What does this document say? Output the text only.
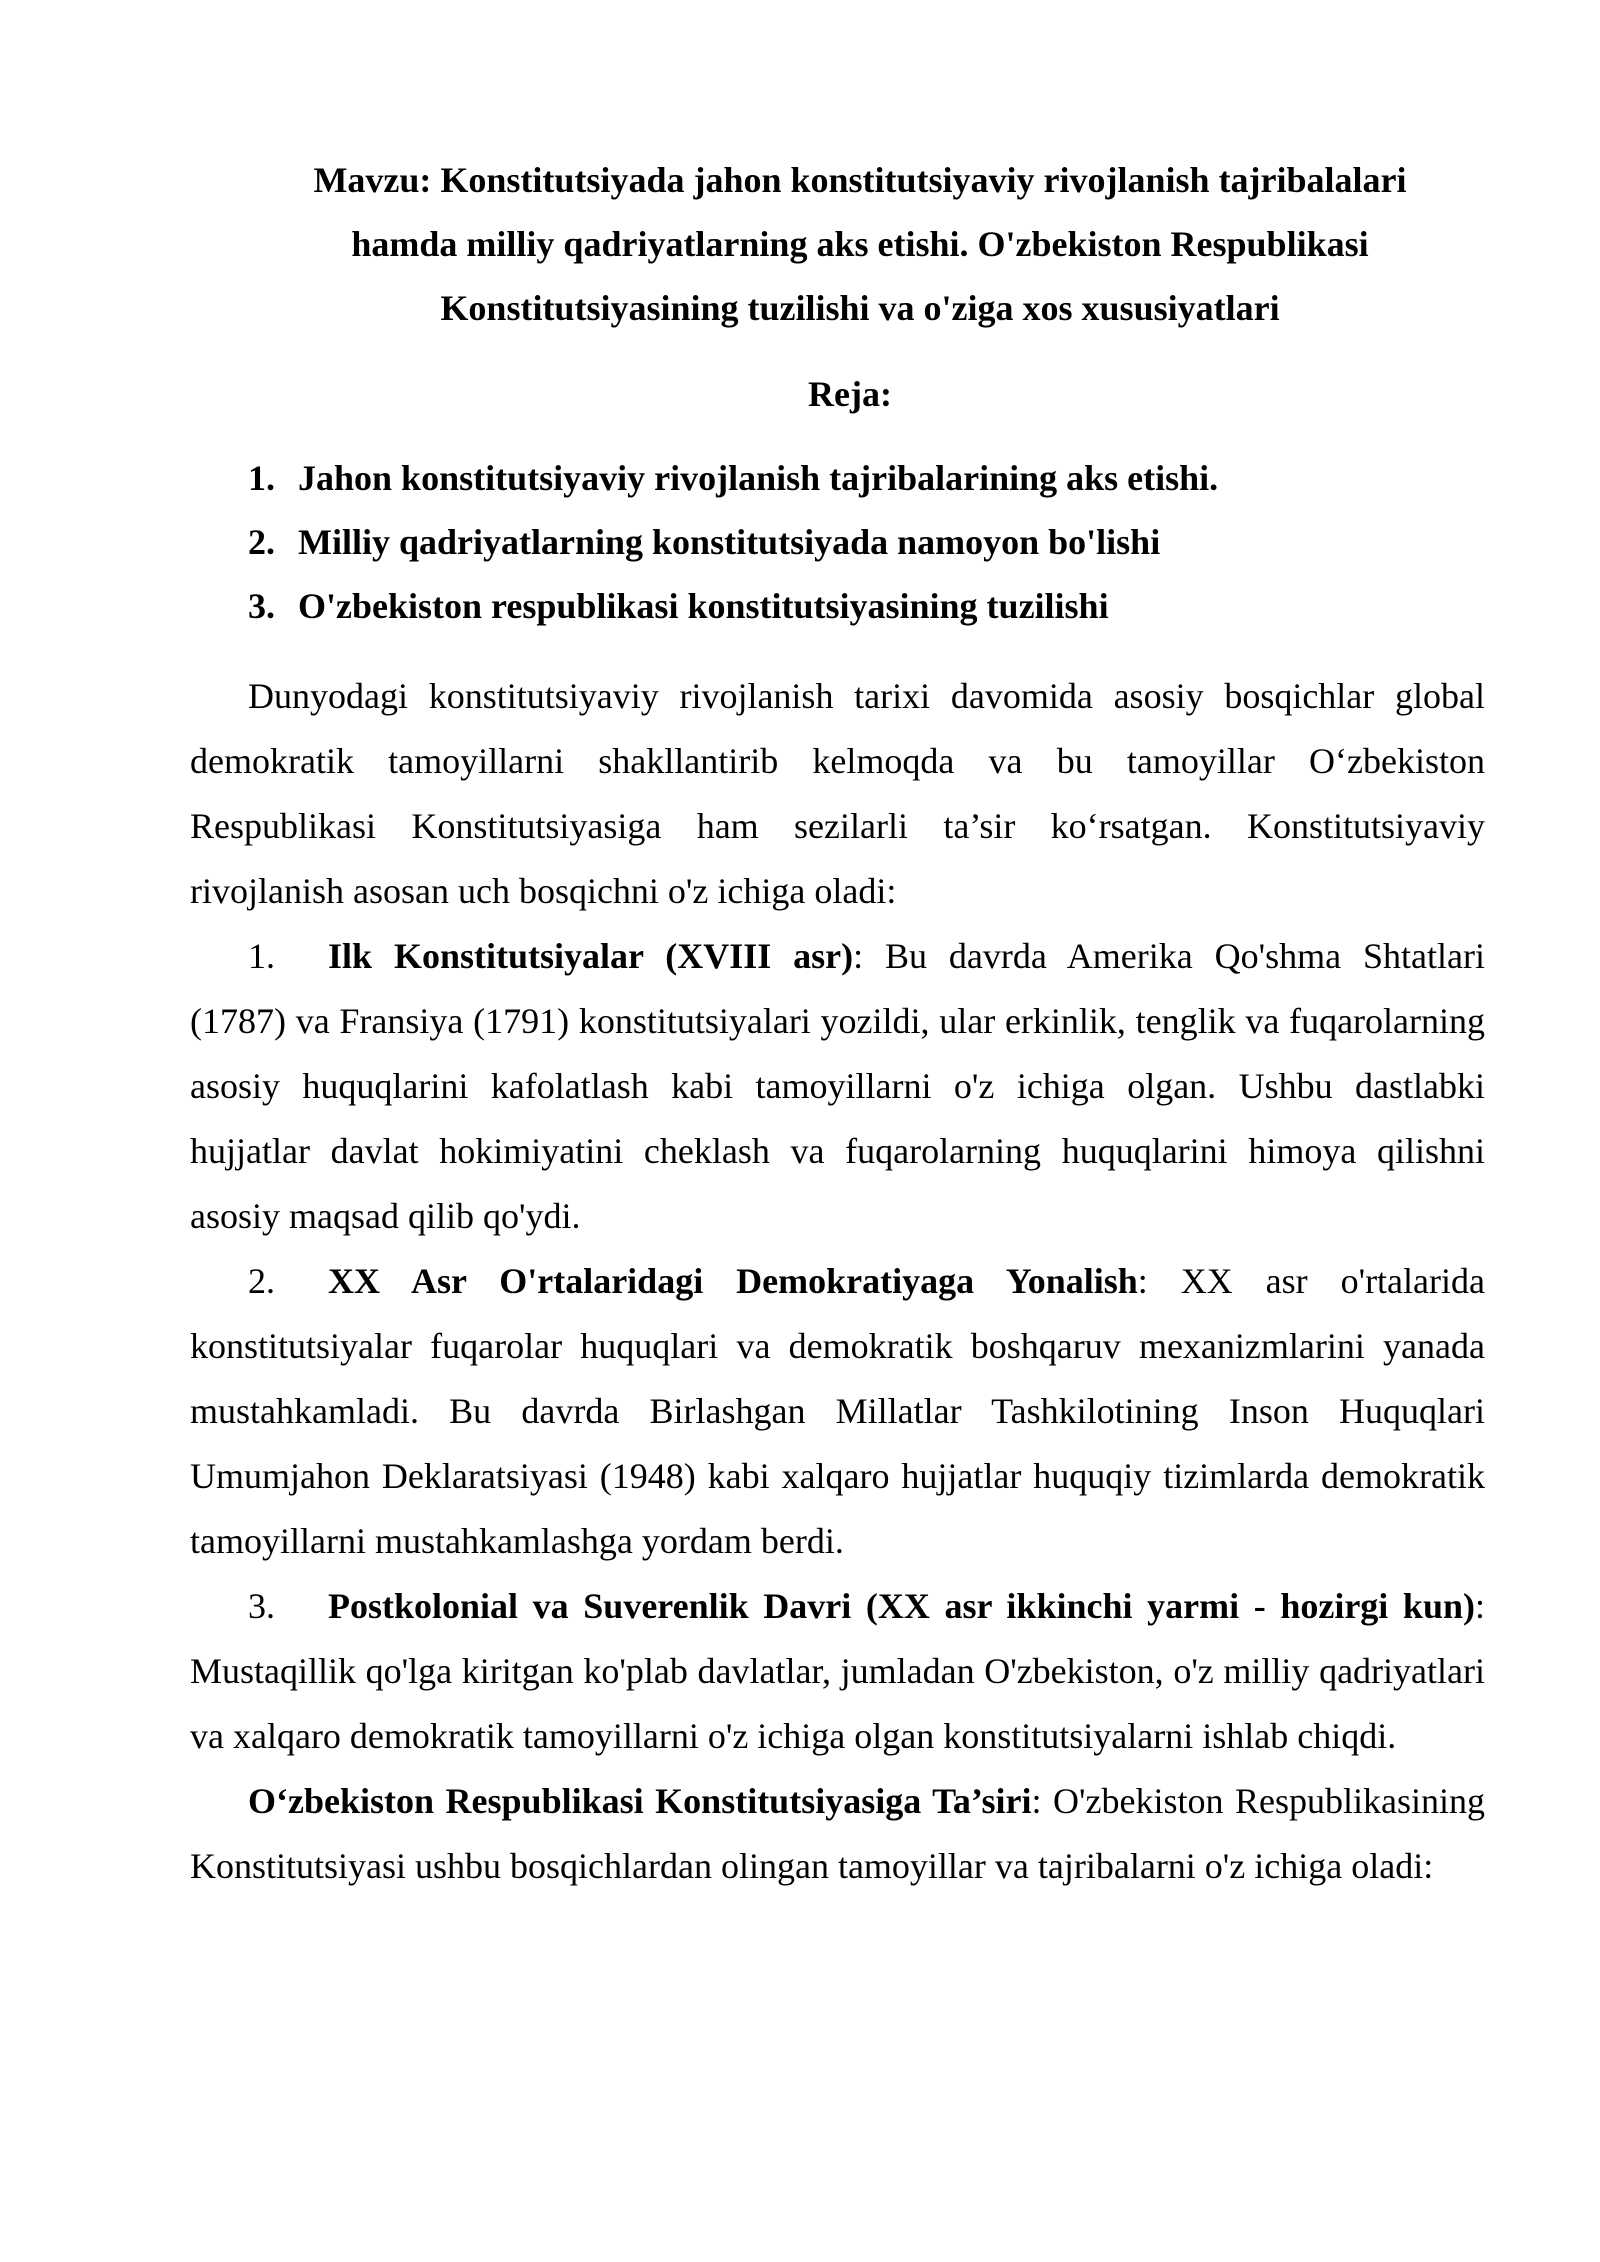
Mavzu: Konstitutsiyada jahon konstitutsiyaviy rivojlanish tajribalalari
hamda milliy qadriyatlarning aks etishi. O'zbekiston Respublikasi
Konstitutsiyasining tuzilishi va o'ziga xos xususiyatlari
Reja:
1. Jahon konstitutsiyaviy rivojlanish tajribalarining aks etishi.
2. Milliy qadriyatlarning konstitutsiyada namoyon bo'lishi
3. O'zbekiston respublikasi konstitutsiyasining tuzilishi

Dunyodagi konstitutsiyaviy rivojlanish tarixi davomida asosiy bosqichlar global demokratik tamoyillarni shakllantirib kelmoqda va bu tamoyillar O‘zbekiston Respublikasi Konstitutsiyasiga ham sezilarli ta’sir ko‘rsatgan. Konstitutsiyaviy rivojlanish asosan uch bosqichni o'z ichiga oladi:

1. Ilk Konstitutsiyalar (XVIII asr): Bu davrda Amerika Qo'shma Shtatlari (1787) va Fransiya (1791) konstitutsiyalari yozildi, ular erkinlik, tenglik va fuqarolarning asosiy huquqlarini kafolatlash kabi tamoyillarni o'z ichiga olgan. Ushbu dastlabki hujjatlar davlat hokimiyatini cheklash va fuqarolarning huquqlarini himoya qilishni asosiy maqsad qilib qo'ydi.

2. XX Asr O'rtalaridagi Demokratiyaga Yonalish: XX asr o'rtalarida konstitutsiyalar fuqarolar huquqlari va demokratik boshqaruv mexanizmlarini yanada mustahkamladi. Bu davrda Birlashgan Millatlar Tashkilotining Inson Huquqlari Umumjahon Deklaratsiyasi (1948) kabi xalqaro hujjatlar huquqiy tizimlarda demokratik tamoyillarni mustahkamlashga yordam berdi.

3. Postkolonial va Suverenlik Davri (XX asr ikkinchi yarmi - hozirgi kun): Mustaqillik qo'lga kiritgan ko'plab davlatlar, jumladan O'zbekiston, o'z milliy qadriyatlari va xalqaro demokratik tamoyillarni o'z ichiga olgan konstitutsiyalarni ishlab chiqdi.

O‘zbekiston Respublikasi Konstitutsiyasiga Ta’siri: O'zbekiston Respublikasining Konstitutsiyasi ushbu bosqichlardan olingan tamoyillar va tajribalarni o'z ichiga oladi:
